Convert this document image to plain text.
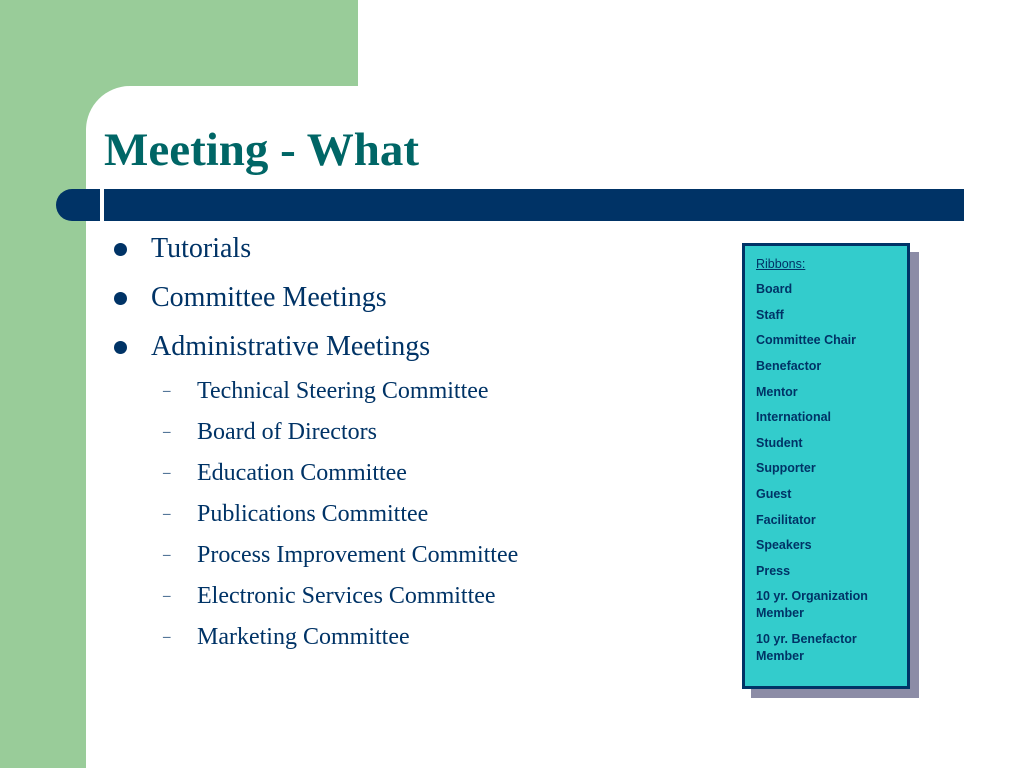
Meeting - What
Tutorials
Committee Meetings
Administrative Meetings
– Technical Steering Committee
– Board of Directors
– Education Committee
– Publications Committee
– Process Improvement Committee
– Electronic Services Committee
– Marketing Committee
Ribbons:
Board
Staff
Committee Chair
Benefactor
Mentor
International
Student
Supporter
Guest
Facilitator
Speakers
Press
10 yr. Organization Member
10 yr. Benefactor Member
